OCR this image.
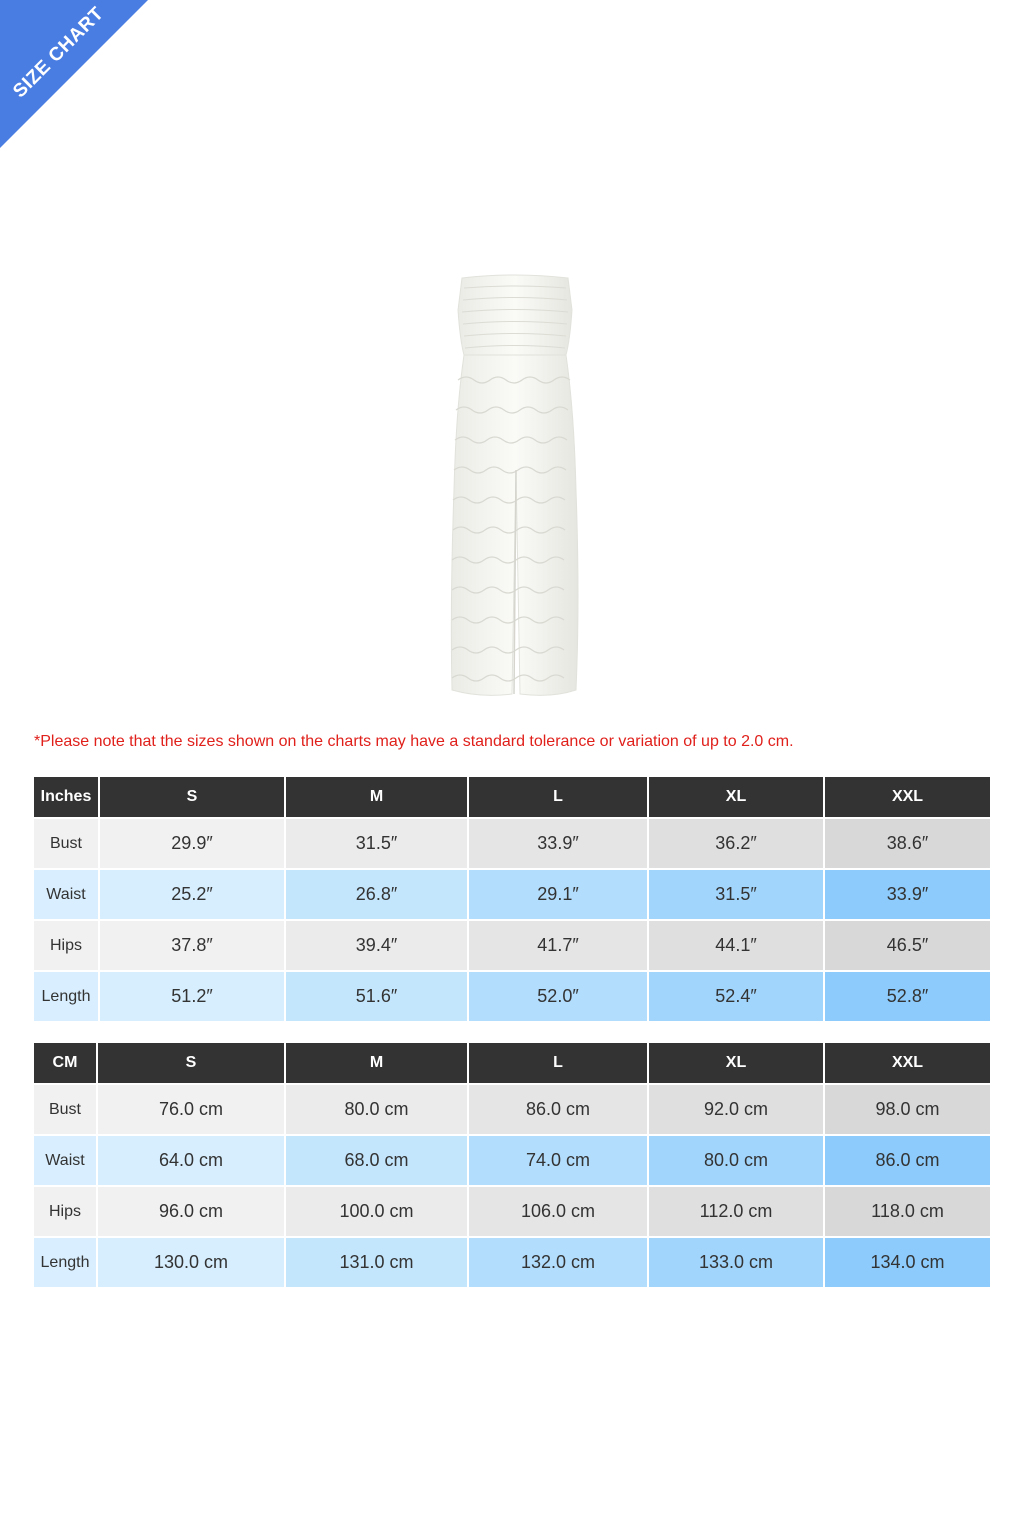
SIZE CHART
*Please note that the sizes shown on the charts may have a standard tolerance or variation of up to 2.0 cm.
Inches	S	M	L	XL	XXL
Bust	29.9″	31.5″	33.9″	36.2″	38.6″
Waist	25.2″	26.8″	29.1″	31.5″	33.9″
Hips	37.8″	39.4″	41.7″	44.1″	46.5″
Length	51.2″	51.6″	52.0″	52.4″	52.8″
CM	S	M	L	XL	XXL
Bust	76.0 cm	80.0 cm	86.0 cm	92.0 cm	98.0 cm
Waist	64.0 cm	68.0 cm	74.0 cm	80.0 cm	86.0 cm
Hips	96.0 cm	100.0 cm	106.0 cm	112.0 cm	118.0 cm
Length	130.0 cm	131.0 cm	132.0 cm	133.0 cm	134.0 cm
